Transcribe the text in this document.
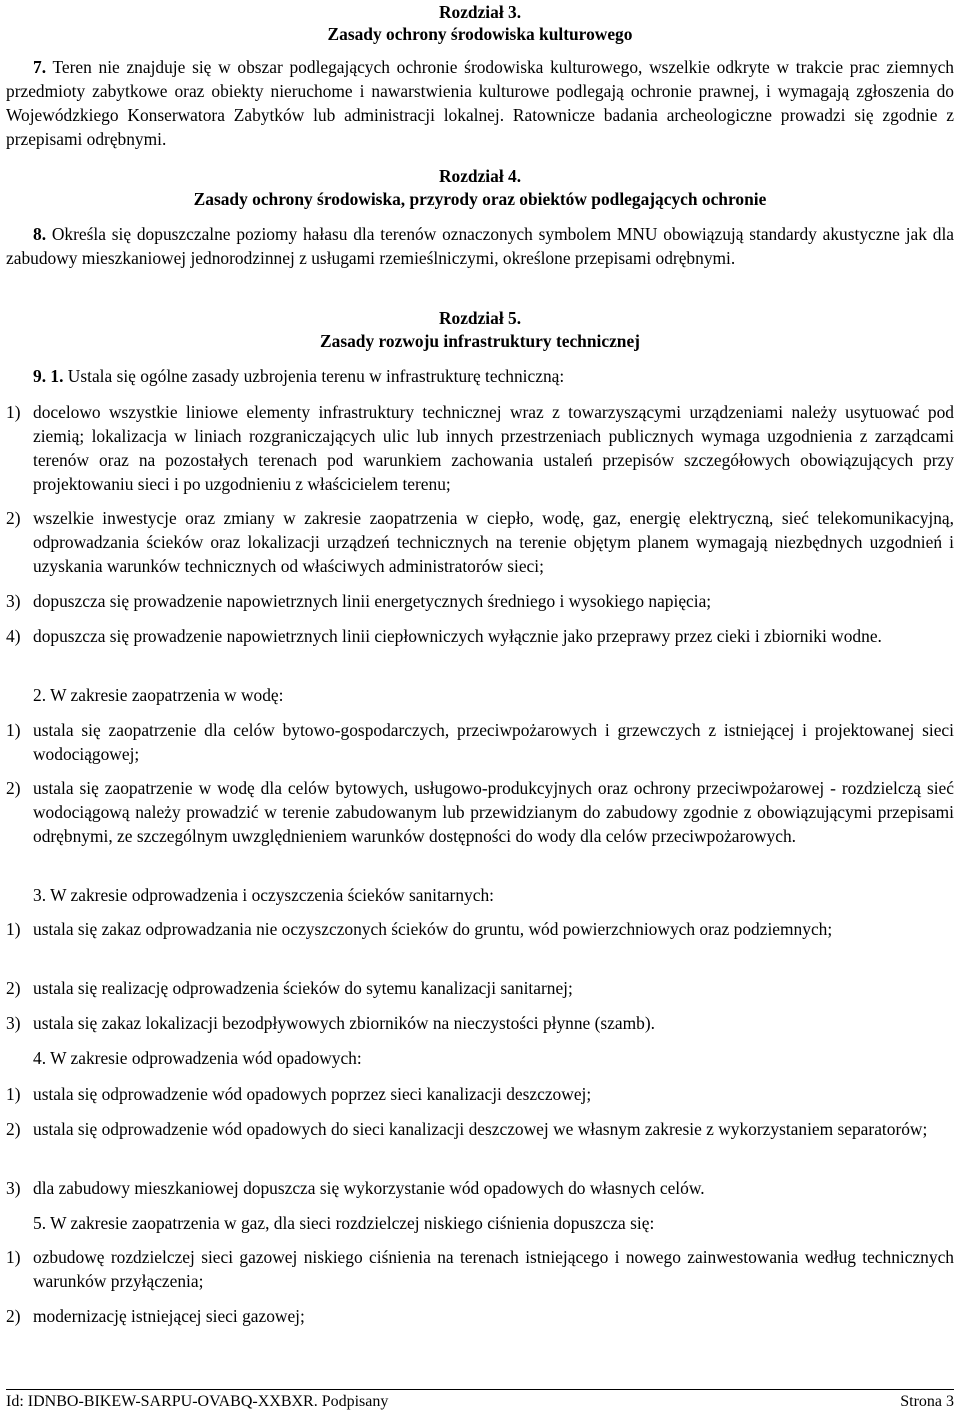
Rozdział 3.
Zasady ochrony środowiska kulturowego
7. Teren nie znajduje się w obszar podlegających ochronie środowiska kulturowego, wszelkie odkryte w trakcie prac ziemnych przedmioty zabytkowe oraz obiekty nieruchome i nawarstwienia kulturowe podlegają ochronie prawnej, i wymagają zgłoszenia do Wojewódzkiego Konserwatora Zabytków lub administracji lokalnej. Ratownicze badania archeologiczne prowadzi się zgodnie z przepisami odrębnymi.
Rozdział 4.
Zasady ochrony środowiska, przyrody oraz obiektów podlegających ochronie
8. Określa się dopuszczalne poziomy hałasu dla terenów oznaczonych symbolem MNU obowiązują standardy akustyczne jak dla zabudowy mieszkaniowej jednorodzinnej z usługami rzemieślniczymi, określone przepisami odrębnymi.
Rozdział 5.
Zasady rozwoju infrastruktury technicznej
9. 1. Ustala się ogólne zasady uzbrojenia terenu w infrastrukturę techniczną:
1) docelowo wszystkie liniowe elementy infrastruktury technicznej wraz z towarzyszącymi urządzeniami należy usytuować pod ziemią; lokalizacja w liniach rozgraniczających ulic lub innych przestrzeniach publicznych wymaga uzgodnienia z zarządcami terenów oraz na pozostałych terenach pod warunkiem zachowania ustaleń przepisów szczegółowych obowiązujących przy projektowaniu sieci i po uzgodnieniu z właścicielem terenu;
2) wszelkie inwestycje oraz zmiany w zakresie zaopatrzenia w ciepło, wodę, gaz, energię elektryczną, sieć telekomunikacyjną, odprowadzania ścieków oraz lokalizacji urządzeń technicznych na terenie objętym planem wymagają niezbędnych uzgodnień i uzyskania warunków technicznych od właściwych administratorów sieci;
3) dopuszcza się prowadzenie napowietrznych linii energetycznych średniego i wysokiego napięcia;
4) dopuszcza się prowadzenie napowietrznych linii ciepłowniczych wyłącznie jako przeprawy przez cieki i zbiorniki wodne.
2. W zakresie zaopatrzenia w wodę:
1) ustala się zaopatrzenie dla celów bytowo-gospodarczych, przeciwpożarowych i grzewczych z istniejącej i projektowanej sieci wodociągowej;
2) ustala się zaopatrzenie w wodę dla celów bytowych, usługowo-produkcyjnych oraz ochrony przeciwpożarowej - rozdzielczą sieć wodociągową należy prowadzić w terenie zabudowanym lub przewidzianym do zabudowy zgodnie z obowiązującymi przepisami odrębnymi, ze szczególnym uwzględnieniem warunków dostępności do wody dla celów przeciwpożarowych.
3. W zakresie odprowadzenia i oczyszczenia ścieków sanitarnych:
1) ustala się zakaz odprowadzania nie oczyszczonych ścieków do gruntu, wód powierzchniowych oraz podziemnych;
2) ustala się realizację odprowadzenia ścieków do sytemu kanalizacji sanitarnej;
3) ustala się zakaz lokalizacji bezodpływowych zbiorników na nieczystości płynne (szamb).
4. W zakresie odprowadzenia wód opadowych:
1) ustala się odprowadzenie wód opadowych poprzez sieci kanalizacji deszczowej;
2) ustala się odprowadzenie wód opadowych do sieci kanalizacji deszczowej we własnym zakresie z wykorzystaniem separatorów;
3) dla zabudowy mieszkaniowej dopuszcza się wykorzystanie wód opadowych do własnych celów.
5. W zakresie zaopatrzenia w gaz, dla sieci rozdzielczej niskiego ciśnienia dopuszcza się:
1) ozbudowę rozdzielczej sieci gazowej niskiego ciśnienia na terenach istniejącego i nowego zainwestowania według technicznych warunków przyłączenia;
2) modernizację istniejącej sieci gazowej;
Id: IDNBO-BIKEW-SARPU-OVABQ-XXBXR. Podpisany	Strona 3
